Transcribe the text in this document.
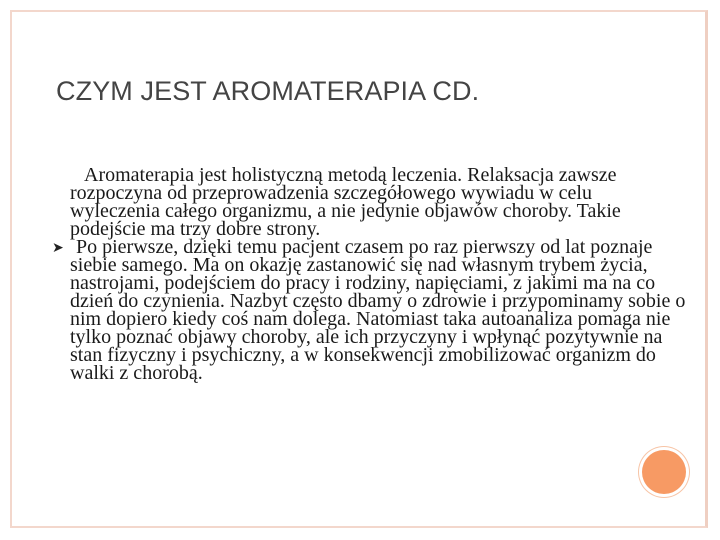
CZYM JEST AROMATERAPIA CD.

Aromaterapia jest holistyczną metodą leczenia. Relaksacja zawsze rozpoczyna od przeprowadzenia szczegółowego wywiadu w celu wyleczenia całego organizmu, a nie jedynie objawów choroby. Takie podejście ma trzy dobre strony.

➤ Po pierwsze, dzięki temu pacjent czasem po raz pierwszy od lat poznaje siebie samego. Ma on okazję zastanowić się nad własnym trybem życia, nastrojami, podejściem do pracy i rodziny, napięciami, z jakimi ma na co dzień do czynienia. Nazbyt często dbamy o zdrowie i przypominamy sobie o nim dopiero kiedy coś nam dolega. Natomiast taka autoanaliza pomaga nie tylko poznać objawy choroby, ale ich przyczyny i wpłynąć pozytywnie na stan fizyczny i psychiczny, a w konsekwencji zmobilizować organizm do walki z chorobą.
